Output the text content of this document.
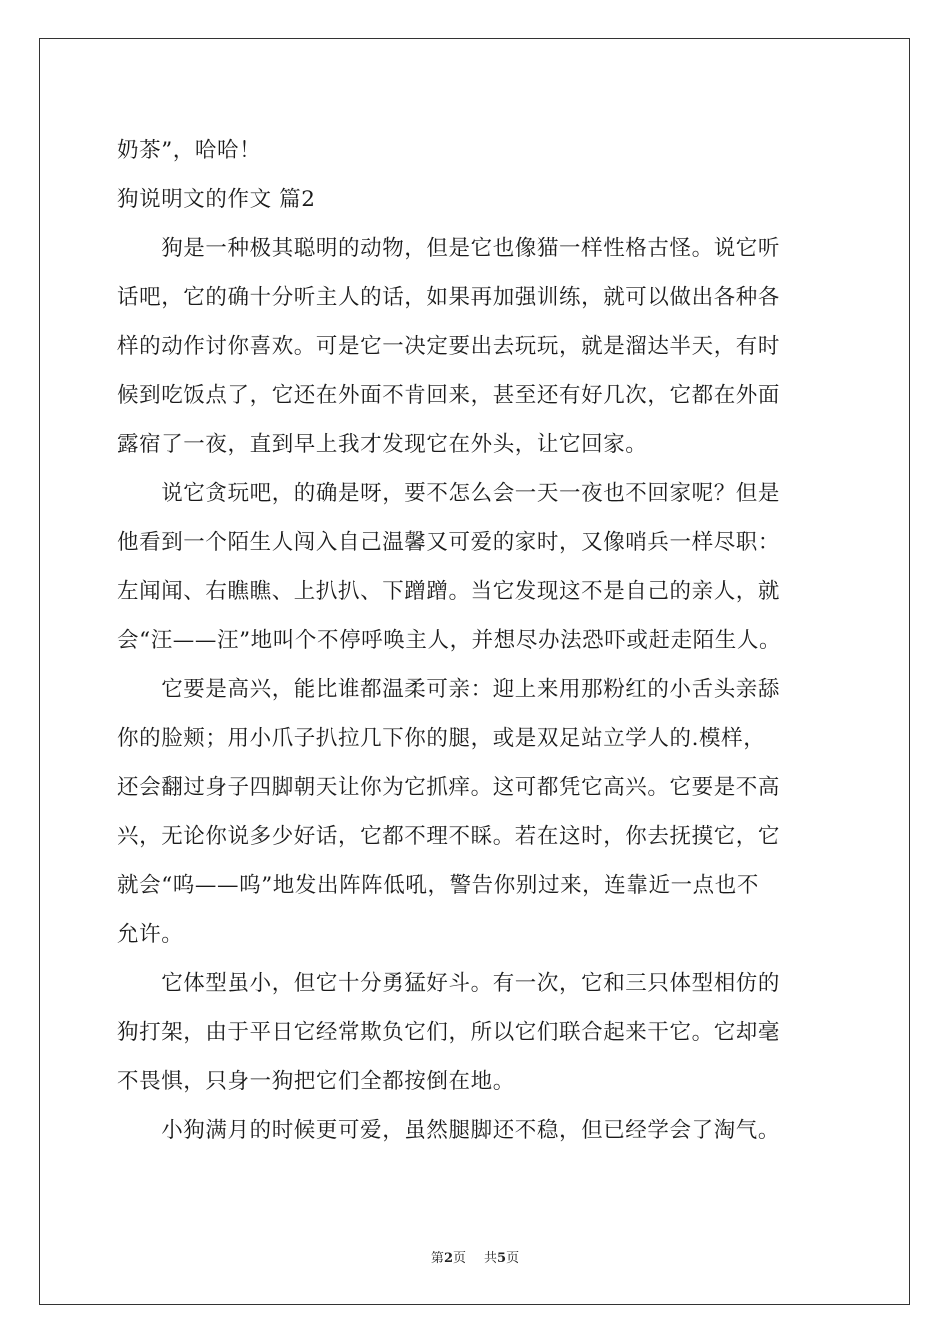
奶茶”，哈哈！
狗说明文的作文 篇2
　　狗是一种极其聪明的动物，但是它也像猫一样性格古怪。说它听
话吧，它的确十分听主人的话，如果再加强训练，就可以做出各种各
样的动作讨你喜欢。可是它一决定要出去玩玩，就是溜达半天，有时
候到吃饭点了，它还在外面不肯回来，甚至还有好几次，它都在外面
露宿了一夜，直到早上我才发现它在外头，让它回家。
　　说它贪玩吧，的确是呀，要不怎么会一天一夜也不回家呢？但是
他看到一个陌生人闯入自己温馨又可爱的家时，又像哨兵一样尽职：
左闻闻、右瞧瞧、上扒扒、下蹭蹭。当它发现这不是自己的亲人，就
会“汪——汪”地叫个不停呼唤主人，并想尽办法恐吓或赶走陌生人。
　　它要是高兴，能比谁都温柔可亲：迎上来用那粉红的小舌头亲舔
你的脸颊；用小爪子扒拉几下你的腿，或是双足站立学人的.模样，
还会翻过身子四脚朝天让你为它抓痒。这可都凭它高兴。它要是不高
兴，无论你说多少好话，它都不理不睬。若在这时，你去抚摸它，它
就会“呜——呜”地发出阵阵低吼，警告你别过来，连靠近一点也不
允许。
　　它体型虽小，但它十分勇猛好斗。有一次，它和三只体型相仿的
狗打架，由于平日它经常欺负它们，所以它们联合起来干它。它却毫
不畏惧，只身一狗把它们全都按倒在地。
　　小狗满月的时候更可爱，虽然腿脚还不稳，但已经学会了淘气。
第2页 共5页
